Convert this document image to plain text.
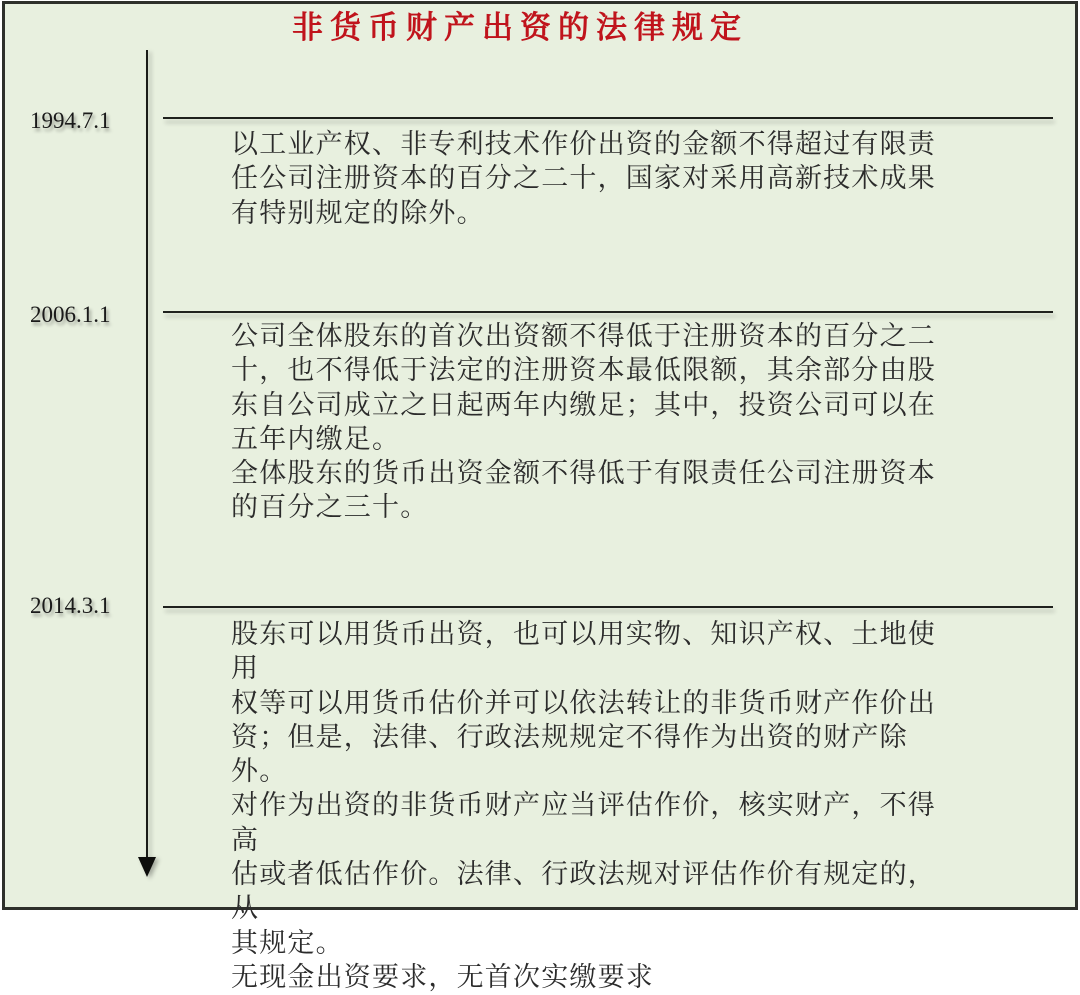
非货币财产出资的法律规定
1994.7.1

以工业产权、非专利技术作价出资的金额不得超过有限责

任公司注册资本的百分之二十，国家对采用高新技术成果

有特别规定的除外。

2006.1.1

公司全体股东的首次出资额不得低于注册资本的百分之二

十，也不得低于法定的注册资本最低限额，其余部分由股

东自公司成立之日起两年内缴足；其中，投资公司可以在

五年内缴足。

全体股东的货币出资金额不得低于有限责任公司注册资本

的百分之三十。

2014.3.1

股东可以用货币出资，也可以用实物、知识产权、土地使用

权等可以用货币估价并可以依法转让的非货币财产作价出

资；但是，法律、行政法规规定不得作为出资的财产除外。

对作为出资的非货币财产应当评估作价，核实财产，不得高

估或者低估作价。法律、行政法规对评估作价有规定的，从

其规定。

无现金出资要求，无首次实缴要求
